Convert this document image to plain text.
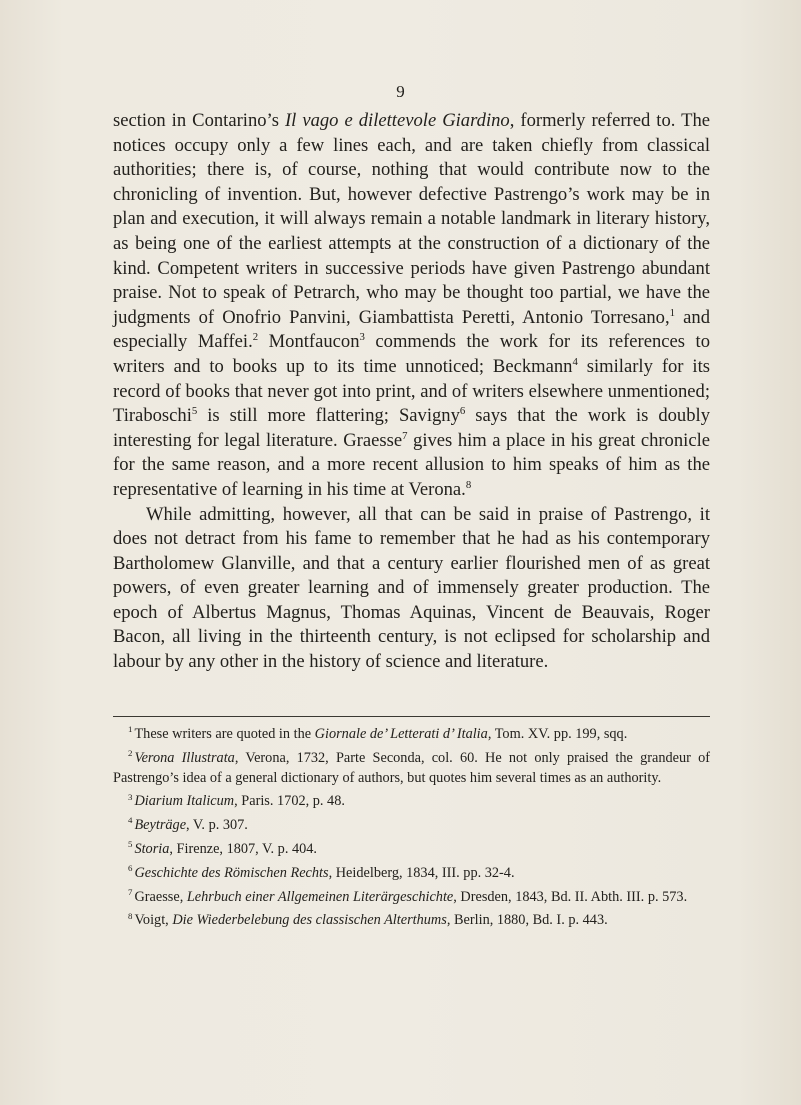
9

section in Contarino’s Il vago e dilettevole Giardino, formerly referred to. The notices occupy only a few lines each, and are taken chiefly from classical authorities; there is, of course, nothing that would contribute now to the chronicling of invention. But, however defective Pastrengo’s work may be in plan and execution, it will always remain a notable landmark in literary history, as being one of the earliest attempts at the construction of a dictionary of the kind. Competent writers in successive periods have given Pastrengo abundant praise. Not to speak of Petrarch, who may be thought too partial, we have the judgments of Onofrio Panvini, Giambattista Peretti, Antonio Torresano,$^1$ and especially Maffei.$^2$ Montfaucon$^3$ commends the work for its references to writers and to books up to its time unnoticed; Beckmann$^4$ similarly for its record of books that never got into print, and of writers elsewhere unmentioned; Tiraboschi$^5$ is still more flattering; Savigny$^6$ says that the work is doubly interesting for legal literature. Graesse$^7$ gives him a place in his great chronicle for the same reason, and a more recent allusion to him speaks of him as the representative of learning in his time at Verona.$^8$

While admitting, however, all that can be said in praise of Pastrengo, it does not detract from his fame to remember that he had as his contemporary Bartholomew Glanville, and that a century earlier flourished men of as great powers, of even greater learning and of immensely greater production. The epoch of Albertus Magnus, Thomas Aquinas, Vincent de Beauvais, Roger Bacon, all living in the thirteenth century, is not eclipsed for scholarship and labour by any other in the history of science and literature.

$^1$ These writers are quoted in the Giornale de’ Letterati d’ Italia, Tom. XV. pp. 199, sqq.

$^2$ Verona Illustrata, Verona, 1732, Parte Seconda, col. 60. He not only praised the grandeur of Pastrengo’s idea of a general dictionary of authors, but quotes him several times as an authority.

$^3$ Diarium Italicum, Paris. 1702, p. 48.

$^4$ Beyträge, V. p. 307.

$^5$ Storia, Firenze, 1807, V. p. 404.

$^6$ Geschichte des Römischen Rechts, Heidelberg, 1834, III. pp. 32-4.

$^7$ Graesse, Lehrbuch einer Allgemeinen Literärgeschichte, Dresden, 1843, Bd. II. Abth. III. p. 573.

$^8$ Voigt, Die Wiederbelebung des classischen Alterthums, Berlin, 1880, Bd. I. p. 443.
